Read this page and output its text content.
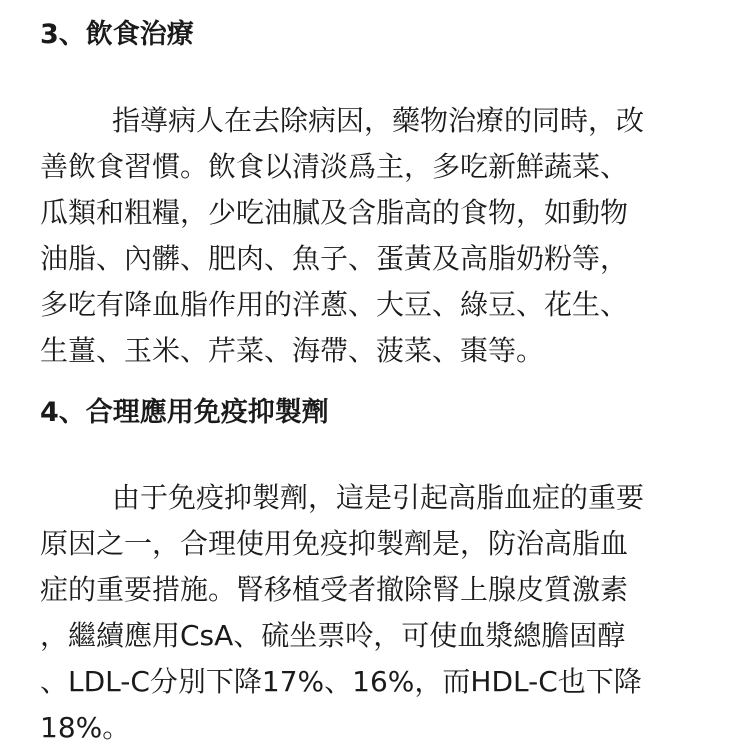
3、飲食治療
指導病人在去除病因，藥物治療的同時，改
善飲食習慣。飲食以清淡爲主，多吃新鮮蔬菜、
瓜類和粗糧，少吃油膩及含脂高的食物，如動物
油脂、內髒、肥肉、魚子、蛋黃及高脂奶粉等，
多吃有降血脂作用的洋蔥、大豆、綠豆、花生、
生薑、玉米、芹菜、海帶、菠菜、棗等。
4、合理應用免疫抑製劑
由于免疫抑製劑，這是引起高脂血症的重要
原因之一，合理使用免疫抑製劑是，防治高脂血
症的重要措施。腎移植受者撤除腎上腺皮質激素
，繼續應用CsA、硫坐票呤，可使血漿總膽固醇
、LDL-C分別下降17%、16%，而HDL-C也下降
18%。
